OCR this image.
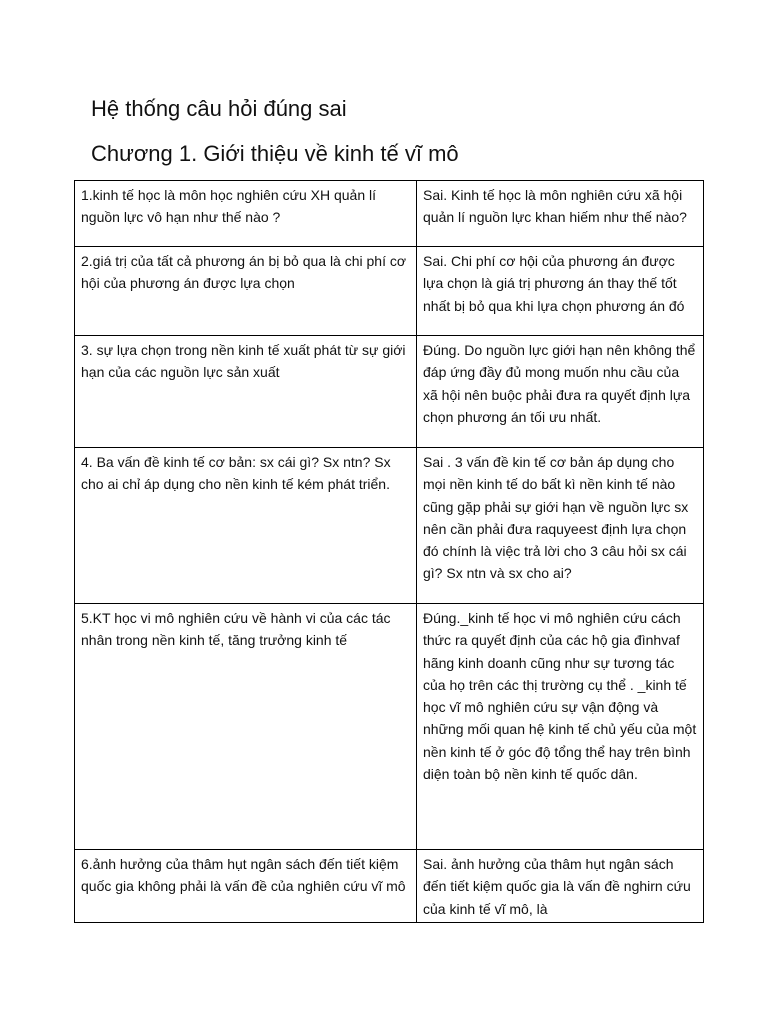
Hệ thống câu hỏi đúng sai
Chương 1. Giới thiệu về kinh tế vĩ mô
1.kinh tế học là môn học nghiên cứu XH quản lí nguồn lực vô hạn như thế nào ?	Sai. Kinh tế học là môn nghiên cứu xã hội quản lí nguồn lực khan hiếm như thế nào?
2.giá trị của tất cả phương án bị bỏ qua là chi phí cơ hội của phương án được lựa chọn	Sai. Chi phí cơ hội của phương án được lựa chọn là giá trị phương án thay thế tốt nhất bị bỏ qua khi lựa chọn phương án đó
3. sự lựa chọn trong nền kinh tế xuất phát từ sự giới hạn của các nguồn lực sản xuất	Đúng. Do nguồn lực giới hạn nên không thể đáp ứng đầy đủ mong muốn nhu cầu của xã hội nên buộc phải đưa ra quyết định lựa chọn phương án tối ưu nhất.
4. Ba vấn đề kinh tế cơ bản: sx cái gì? Sx ntn? Sx cho ai chỉ áp dụng cho nền kinh tế kém phát triển.	Sai . 3 vấn đề kin tế cơ bản áp dụng cho mọi nền kinh tế do bất kì nền kinh tế nào cũng gặp phải sự giới hạn về nguồn lực sx nên cần phải đưa raquyeest định lựa chọn đó chính là việc trả lời cho 3 câu hỏi sx cái gì? Sx ntn và sx cho ai?
5.KT học vi mô nghiên cứu về hành vi của các tác nhân trong nền kinh tế, tăng trưởng kinh tế	Đúng._kinh tế học vi mô nghiên cứu cách thức ra quyết định của các hộ gia đìnhvaf hãng kinh doanh cũng như sự tương tác của họ trên các thị trường cụ thể . _kinh tế học vĩ mô nghiên cứu sự vận động và những mối quan hệ kinh tế chủ yếu của một nền kinh tế ở góc độ tổng thể hay trên bình diện toàn bộ nền kinh tế quốc dân.
6.ảnh hưởng của thâm hụt ngân sách đến tiết kiệm quốc gia không phải là vấn đề của nghiên cứu vĩ mô	Sai. ảnh hưởng của thâm hụt ngân sách đến tiết kiệm quốc gia là vấn đề nghirn cứu của kinh tế vĩ mô, là
